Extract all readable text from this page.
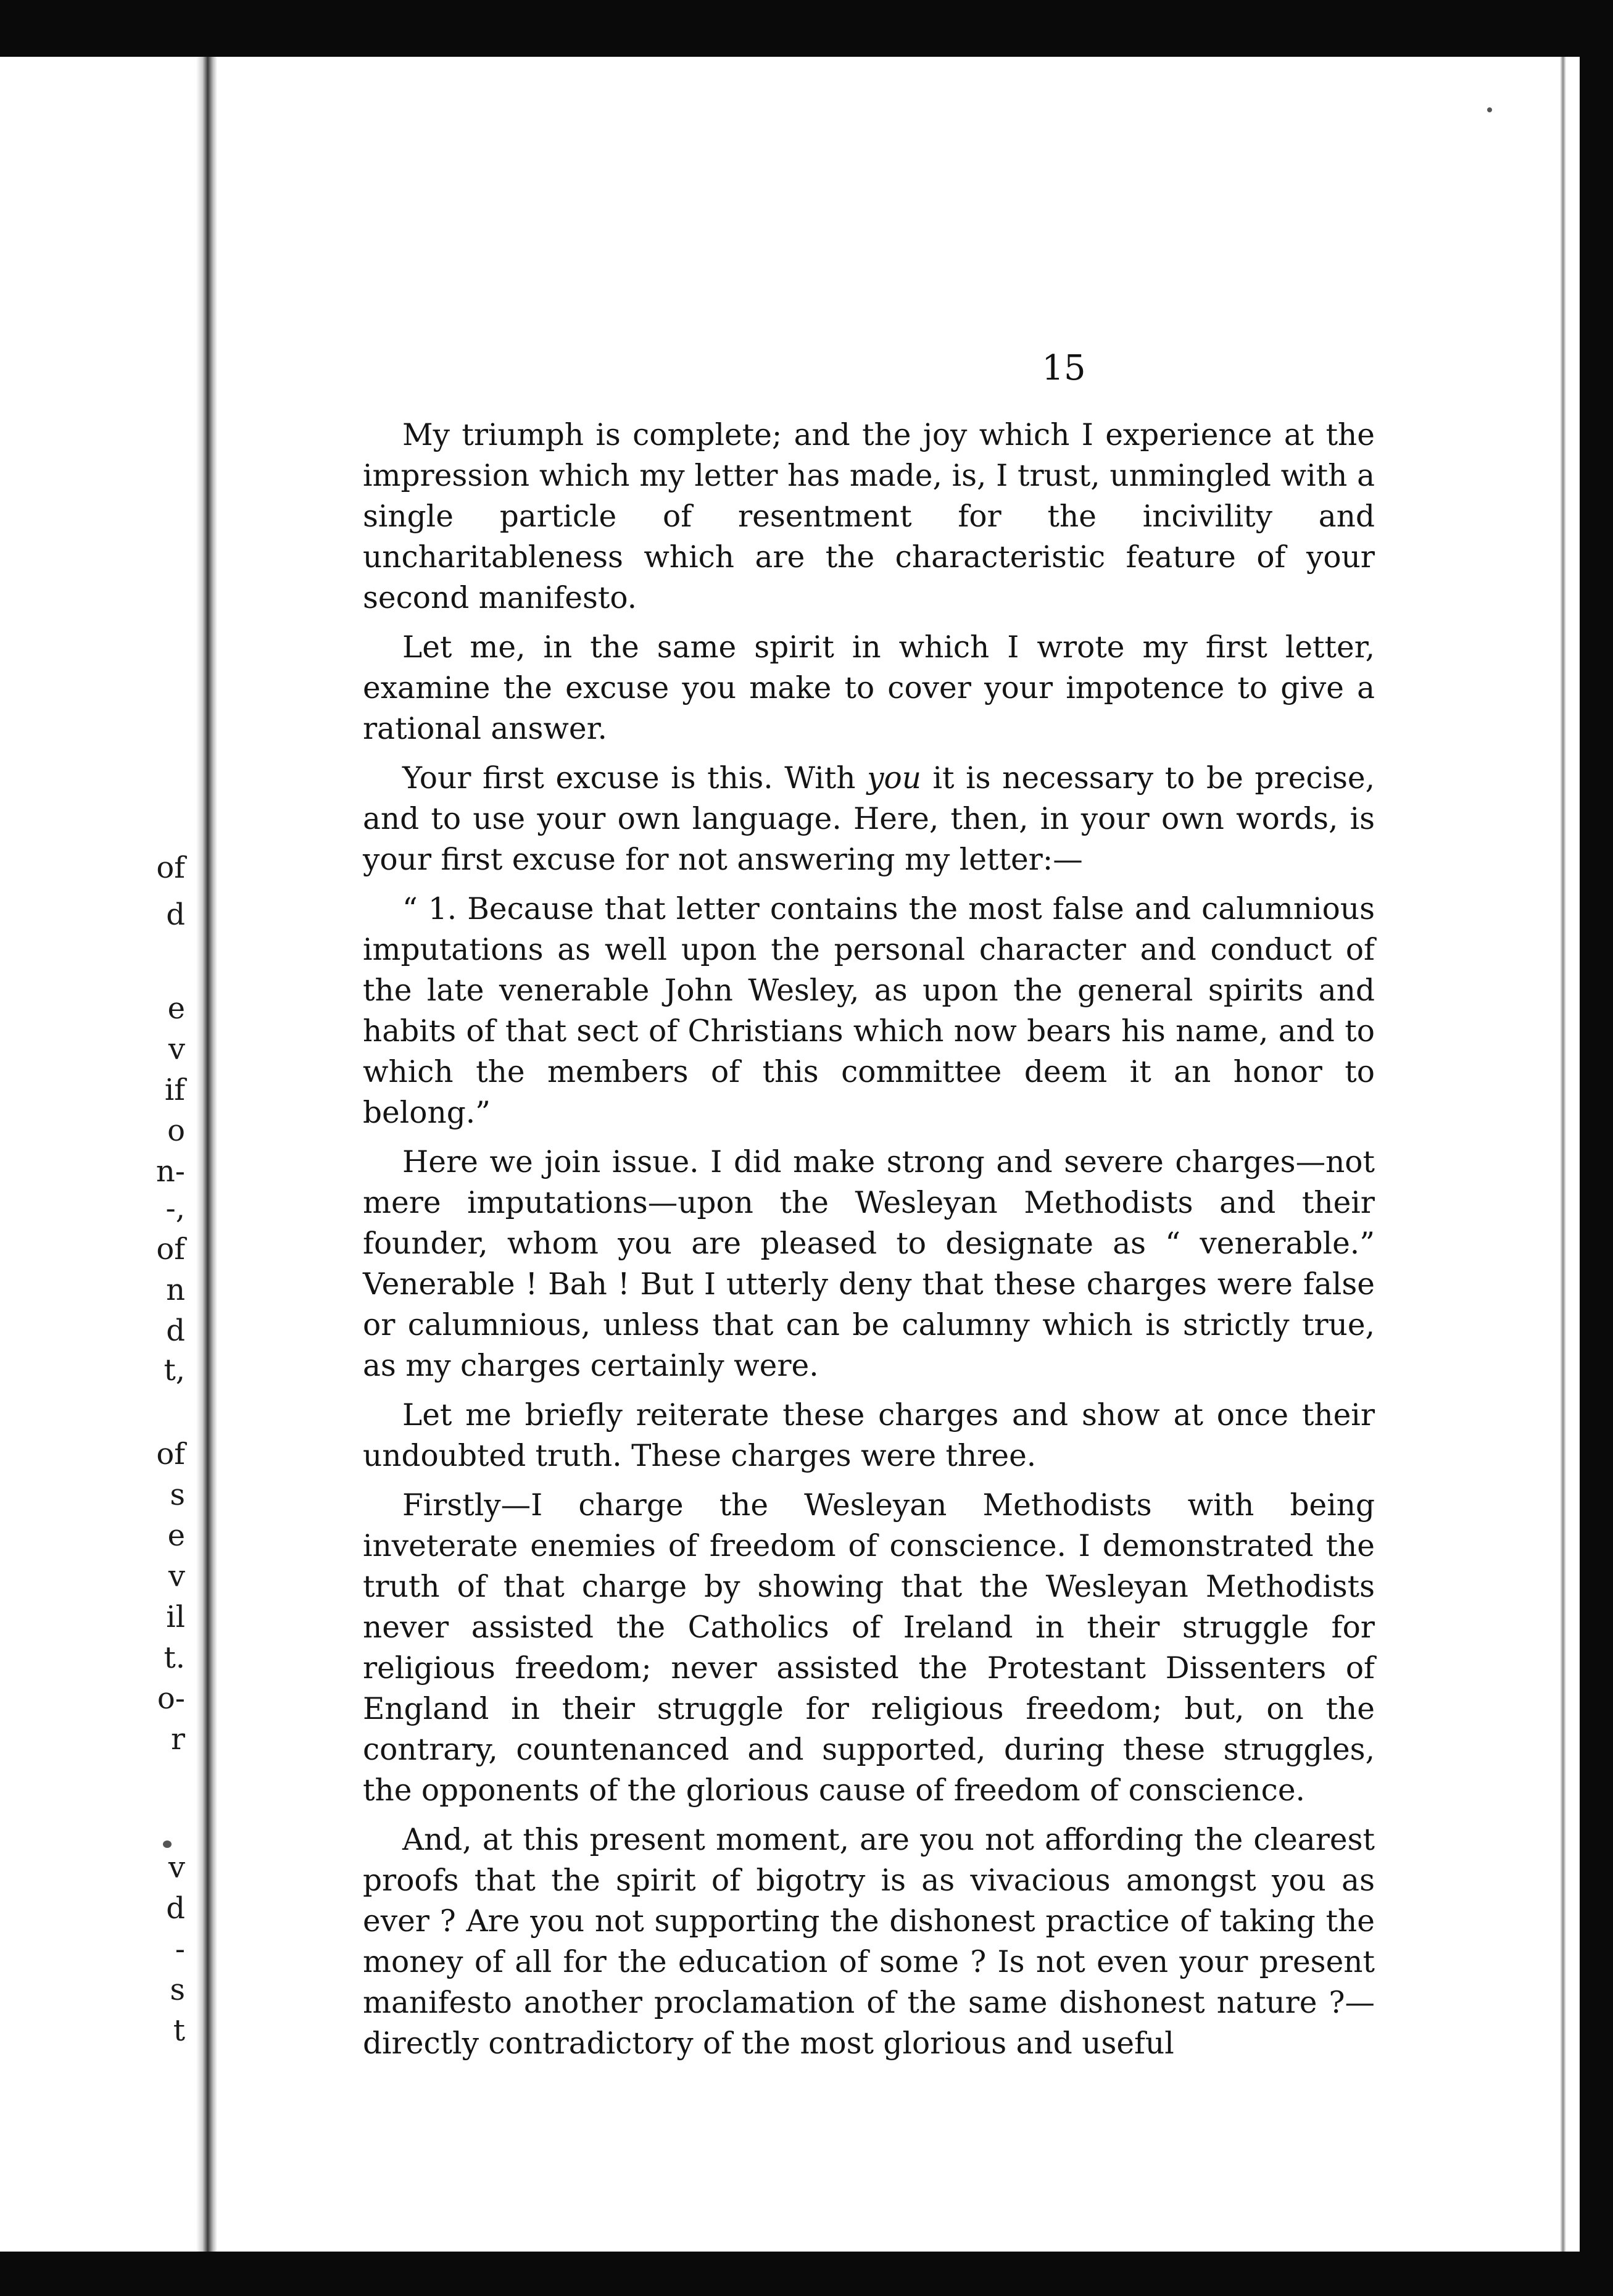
of
d
e
v
if
o
n-
-,
of
n
d
t,
of
s
e
v
il
t.
o-
r
v
d
-
s
t
15

My triumph is complete; and the joy which I experience at the impression which my letter has made, is, I trust, unmingled with a single particle of resentment for the incivility and uncharitableness which are the characteristic feature of your second manifesto.

Let me, in the same spirit in which I wrote my first letter, examine the excuse you make to cover your impotence to give a rational answer.

Your first excuse is this. With you it is necessary to be precise, and to use your own language. Here, then, in your own words, is your first excuse for not answering my letter:—

“ 1. Because that letter contains the most false and calumnious imputations as well upon the personal character and conduct of the late venerable John Wesley, as upon the general spirits and habits of that sect of Christians which now bears his name, and to which the members of this committee deem it an honor to belong.”

Here we join issue. I did make strong and severe charges—not mere imputations—upon the Wesleyan Methodists and their founder, whom you are pleased to designate as “ venerable.” Venerable ! Bah ! But I utterly deny that these charges were false or calumnious, unless that can be calumny which is strictly true, as my charges certainly were.

Let me briefly reiterate these charges and show at once their undoubted truth. These charges were three.

Firstly—I charge the Wesleyan Methodists with being inveterate enemies of freedom of conscience. I demonstrated the truth of that charge by showing that the Wesleyan Methodists never assisted the Catholics of Ireland in their struggle for religious freedom; never assisted the Protestant Dissenters of England in their struggle for religious freedom; but, on the contrary, countenanced and supported, during these struggles, the opponents of the glorious cause of freedom of conscience.

And, at this present moment, are you not affording the clearest proofs that the spirit of bigotry is as vivacious amongst you as ever ? Are you not supporting the dishonest practice of taking the money of all for the education of some ? Is not even your present manifesto another proclamation of the same dishonest nature ?—directly contradictory of the most glorious and useful
